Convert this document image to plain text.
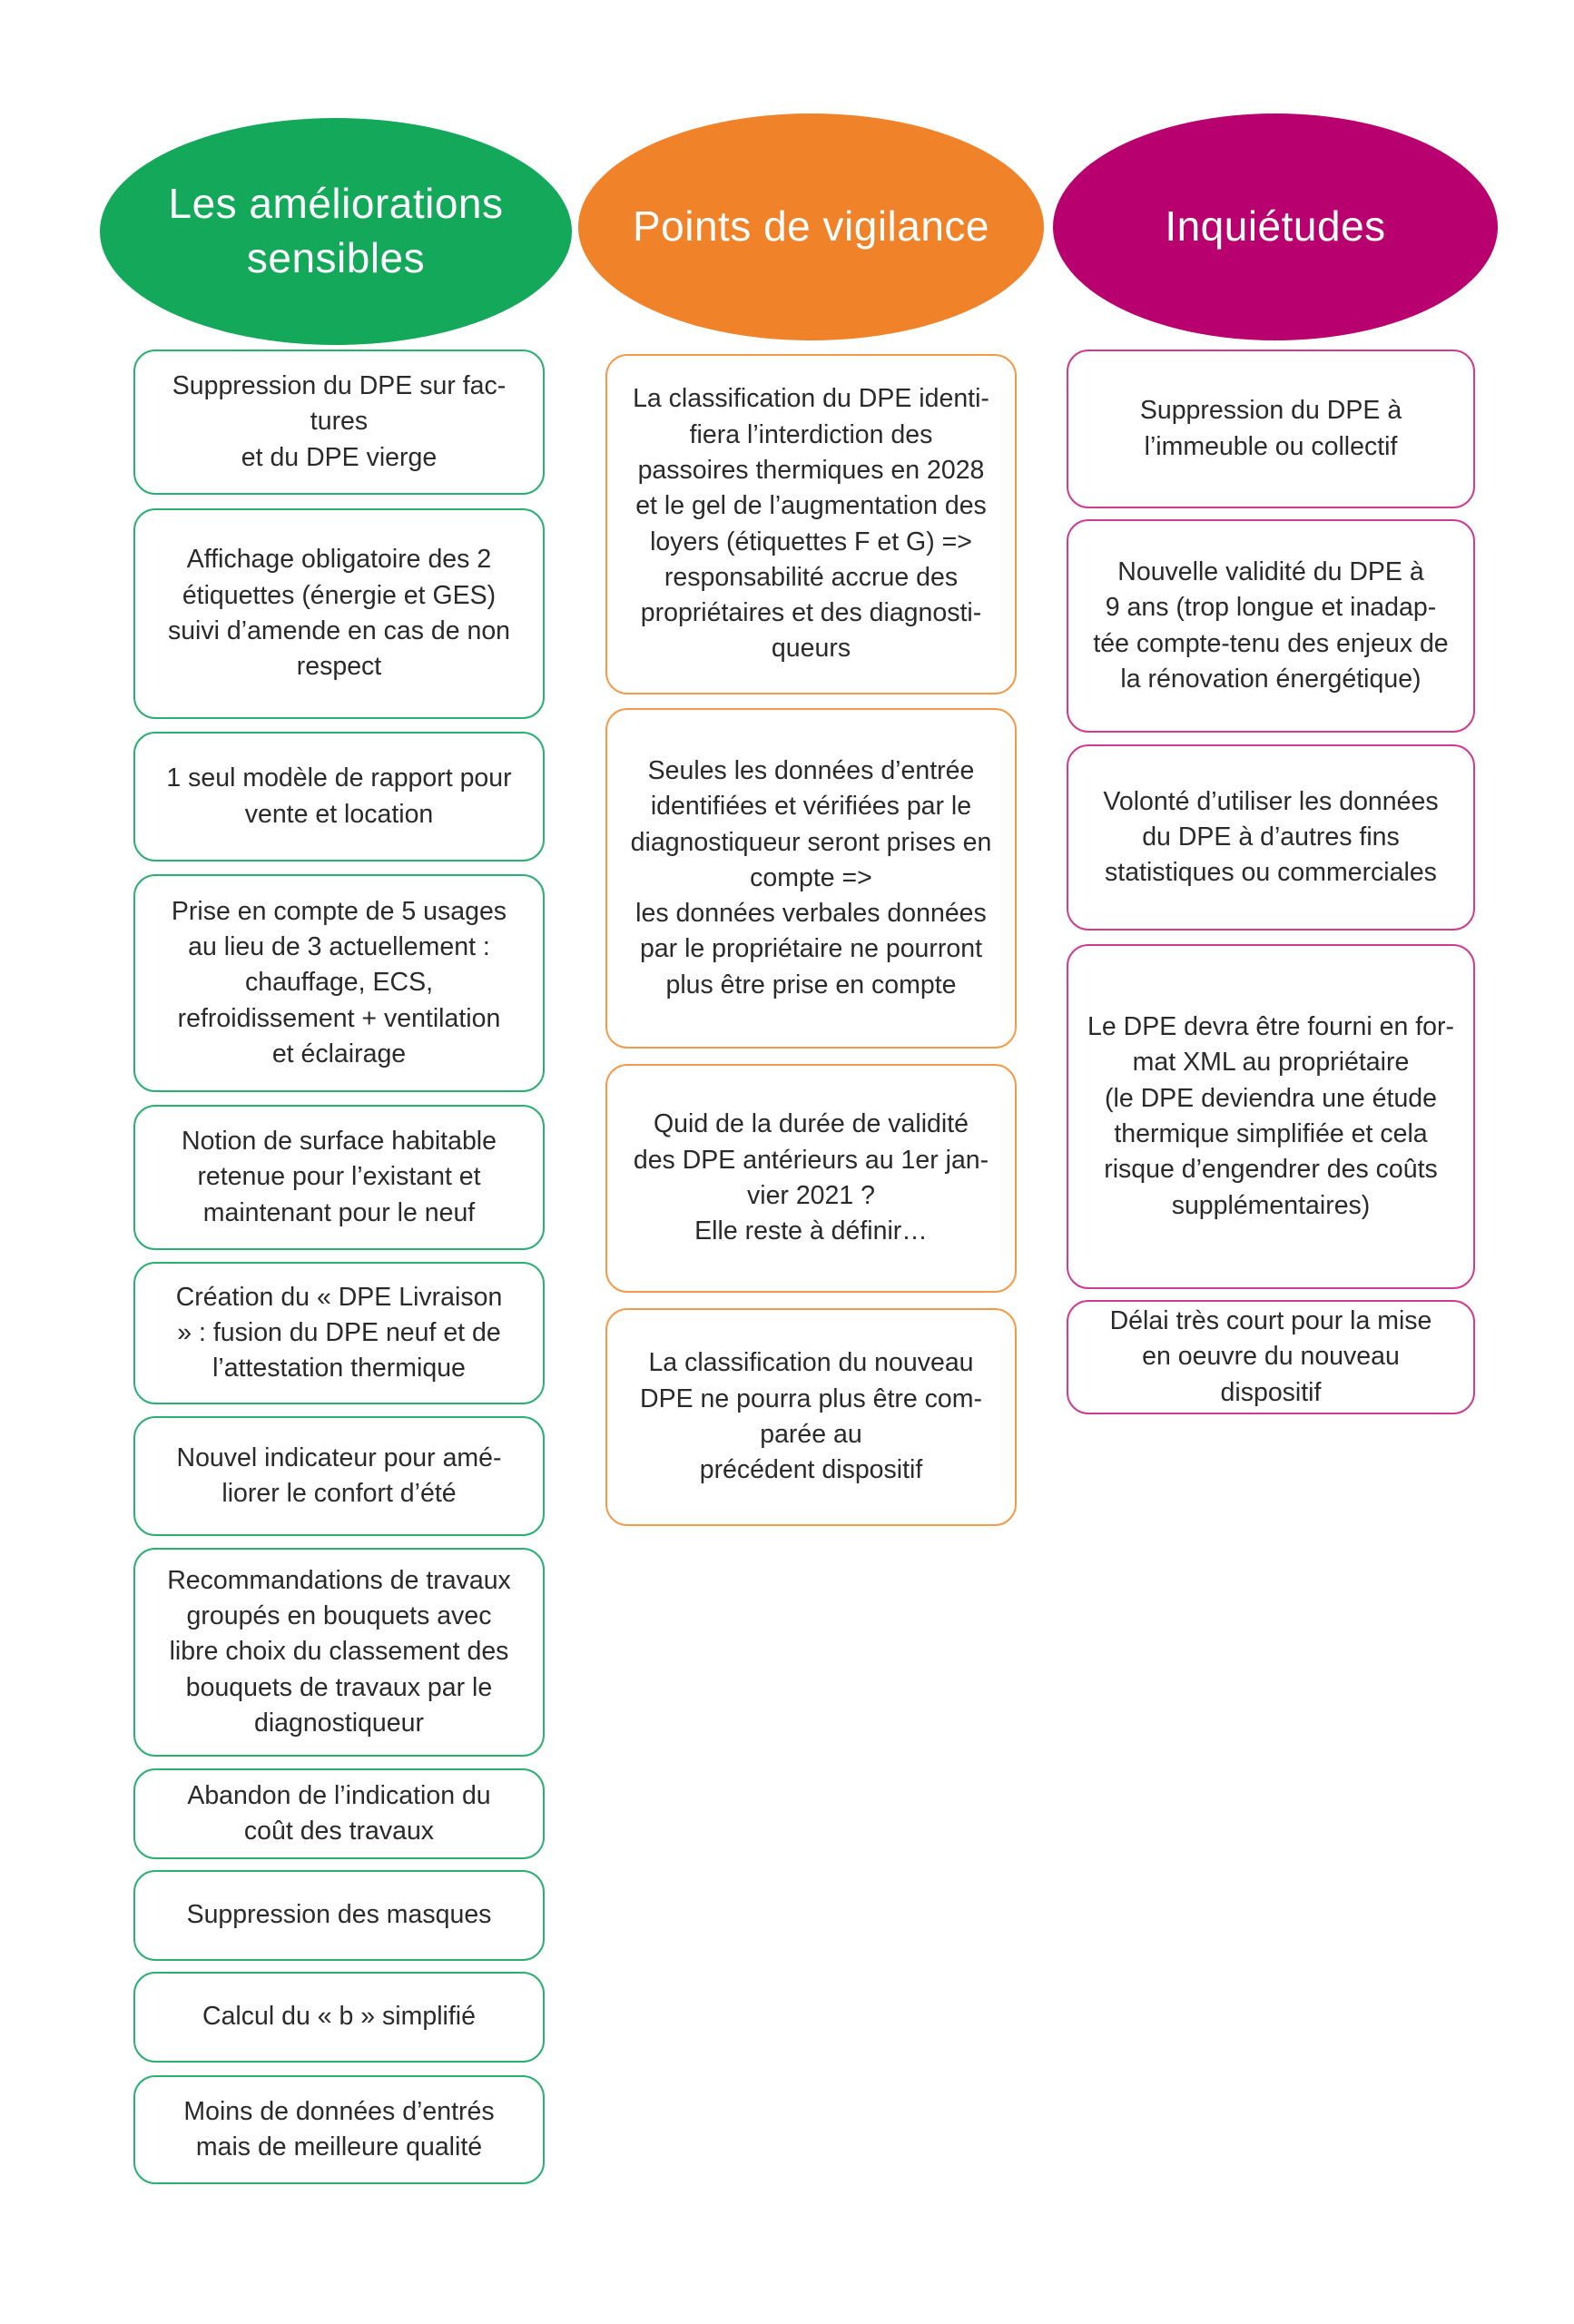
Les améliorations
sensibles
Suppression du DPE sur fac-
tures
et du DPE vierge
Affichage obligatoire des 2
étiquettes (énergie et GES)
suivi d’amende en cas de non
respect
1 seul modèle de rapport pour
vente et location
Prise en compte de 5 usages
au lieu de 3 actuellement :
chauffage, ECS,
refroidissement + ventilation
et éclairage
Notion de surface habitable
retenue pour l’existant et
maintenant pour le neuf
Création du « DPE Livraison
» : fusion du DPE neuf et de
l’attestation thermique
Nouvel indicateur pour amé-
liorer le confort d’été
Recommandations de travaux
groupés en bouquets avec
libre choix du classement des
bouquets de travaux par le
diagnostiqueur
Abandon de l’indication du
coût des travaux
Suppression des masques
Calcul du « b » simplifié
Moins de données d’entrés
mais de meilleure qualité
Points de vigilance
La classification du DPE identi-
fiera l’interdiction des
passoires thermiques en 2028
et le gel de l’augmentation des
loyers (étiquettes F et G) =>
responsabilité accrue des
propriétaires et des diagnosti-
queurs
Seules les données d’entrée
identifiées et vérifiées par le
diagnostiqueur seront prises en
compte =>
les données verbales données
par le propriétaire ne pourront
plus être prise en compte
Quid de la durée de validité
des DPE antérieurs au 1er jan-
vier 2021 ?
Elle reste à définir…
La classification du nouveau
DPE ne pourra plus être com-
parée au
précédent dispositif
Inquiétudes
Suppression du DPE à
l’immeuble ou collectif
Nouvelle validité du DPE à
9 ans (trop longue et inadap-
tée compte-tenu des enjeux de
la rénovation énergétique)
Volonté d’utiliser les données
du DPE à d’autres fins
statistiques ou commerciales
Le DPE devra être fourni en for-
mat XML au propriétaire
(le DPE deviendra une étude
thermique simplifiée et cela
risque d’engendrer des coûts
supplémentaires)
Délai très court pour la mise
en oeuvre du nouveau
dispositif
